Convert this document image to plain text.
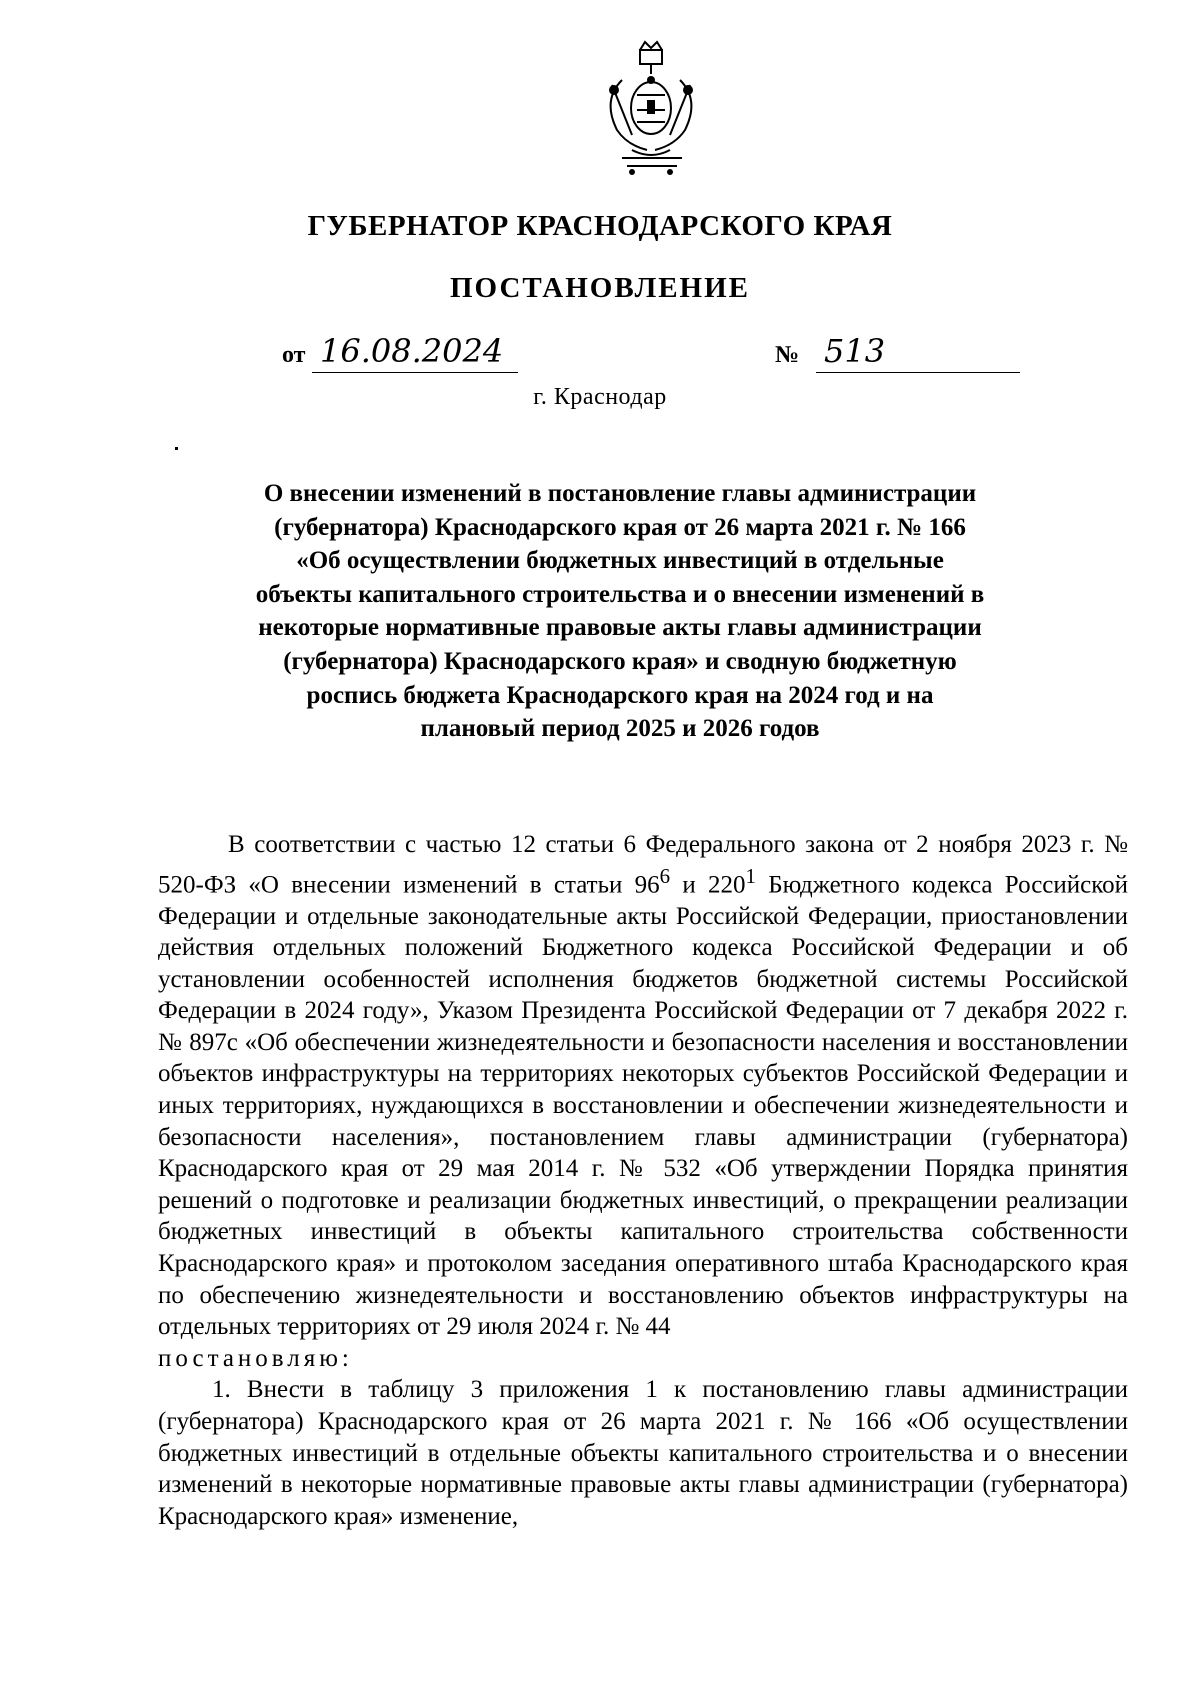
ГУБЕРНАТОР КРАСНОДАРСКОГО КРАЯ
ПОСТАНОВЛЕНИЕ
от 16.08.2024	№ 513
г. Краснодар
О внесении изменений в постановление главы администрации (губернатора) Краснодарского края от 26 марта 2021 г. № 166 «Об осуществлении бюджетных инвестиций в отдельные объекты капитального строительства и о внесении изменений в некоторые нормативные правовые акты главы администрации (губернатора) Краснодарского края» и сводную бюджетную роспись бюджета Краснодарского края на 2024 год и на плановый период 2025 и 2026 годов

В соответствии с частью 12 статьи 6 Федерального закона от 2 ноября 2023 г. № 520-ФЗ «О внесении изменений в статьи $96^6$ и $220^1$ Бюджетного кодекса Российской Федерации и отдельные законодательные акты Российской Федерации, приостановлении действия отдельных положений Бюджетного кодекса Российской Федерации и об установлении особенностей исполнения бюджетов бюджетной системы Российской Федерации в 2024 году», Указом Президента Российской Федерации от 7 декабря 2022 г. № 897с «Об обеспечении жизнедеятельности и безопасности населения и восстановлении объектов инфраструктуры на территориях некоторых субъектов Российской Федерации и иных территориях, нуждающихся в восстановлении и обеспечении жизнедеятельности и безопасности населения», постановлением главы администрации (губернатора) Краснодарского края от 29 мая 2014 г. № 532 «Об утверждении Порядка принятия решений о подготовке и реализации бюджетных инвестиций, о прекращении реализации бюджетных инвестиций в объекты капитального строительства собственности Краснодарского края» и протоколом заседания оперативного штаба Краснодарского края по обеспечению жизнедеятельности и восстановлению объектов инфраструктуры на отдельных территориях от 29 июля 2024 г. № 44
постановляю:

1. Внести в таблицу 3 приложения 1 к постановлению главы администрации (губернатора) Краснодарского края от 26 марта 2021 г. № 166 «Об осуществлении бюджетных инвестиций в отдельные объекты капитального строительства и о внесении изменений в некоторые нормативные правовые акты главы администрации (губернатора) Краснодарского края» изменение,
